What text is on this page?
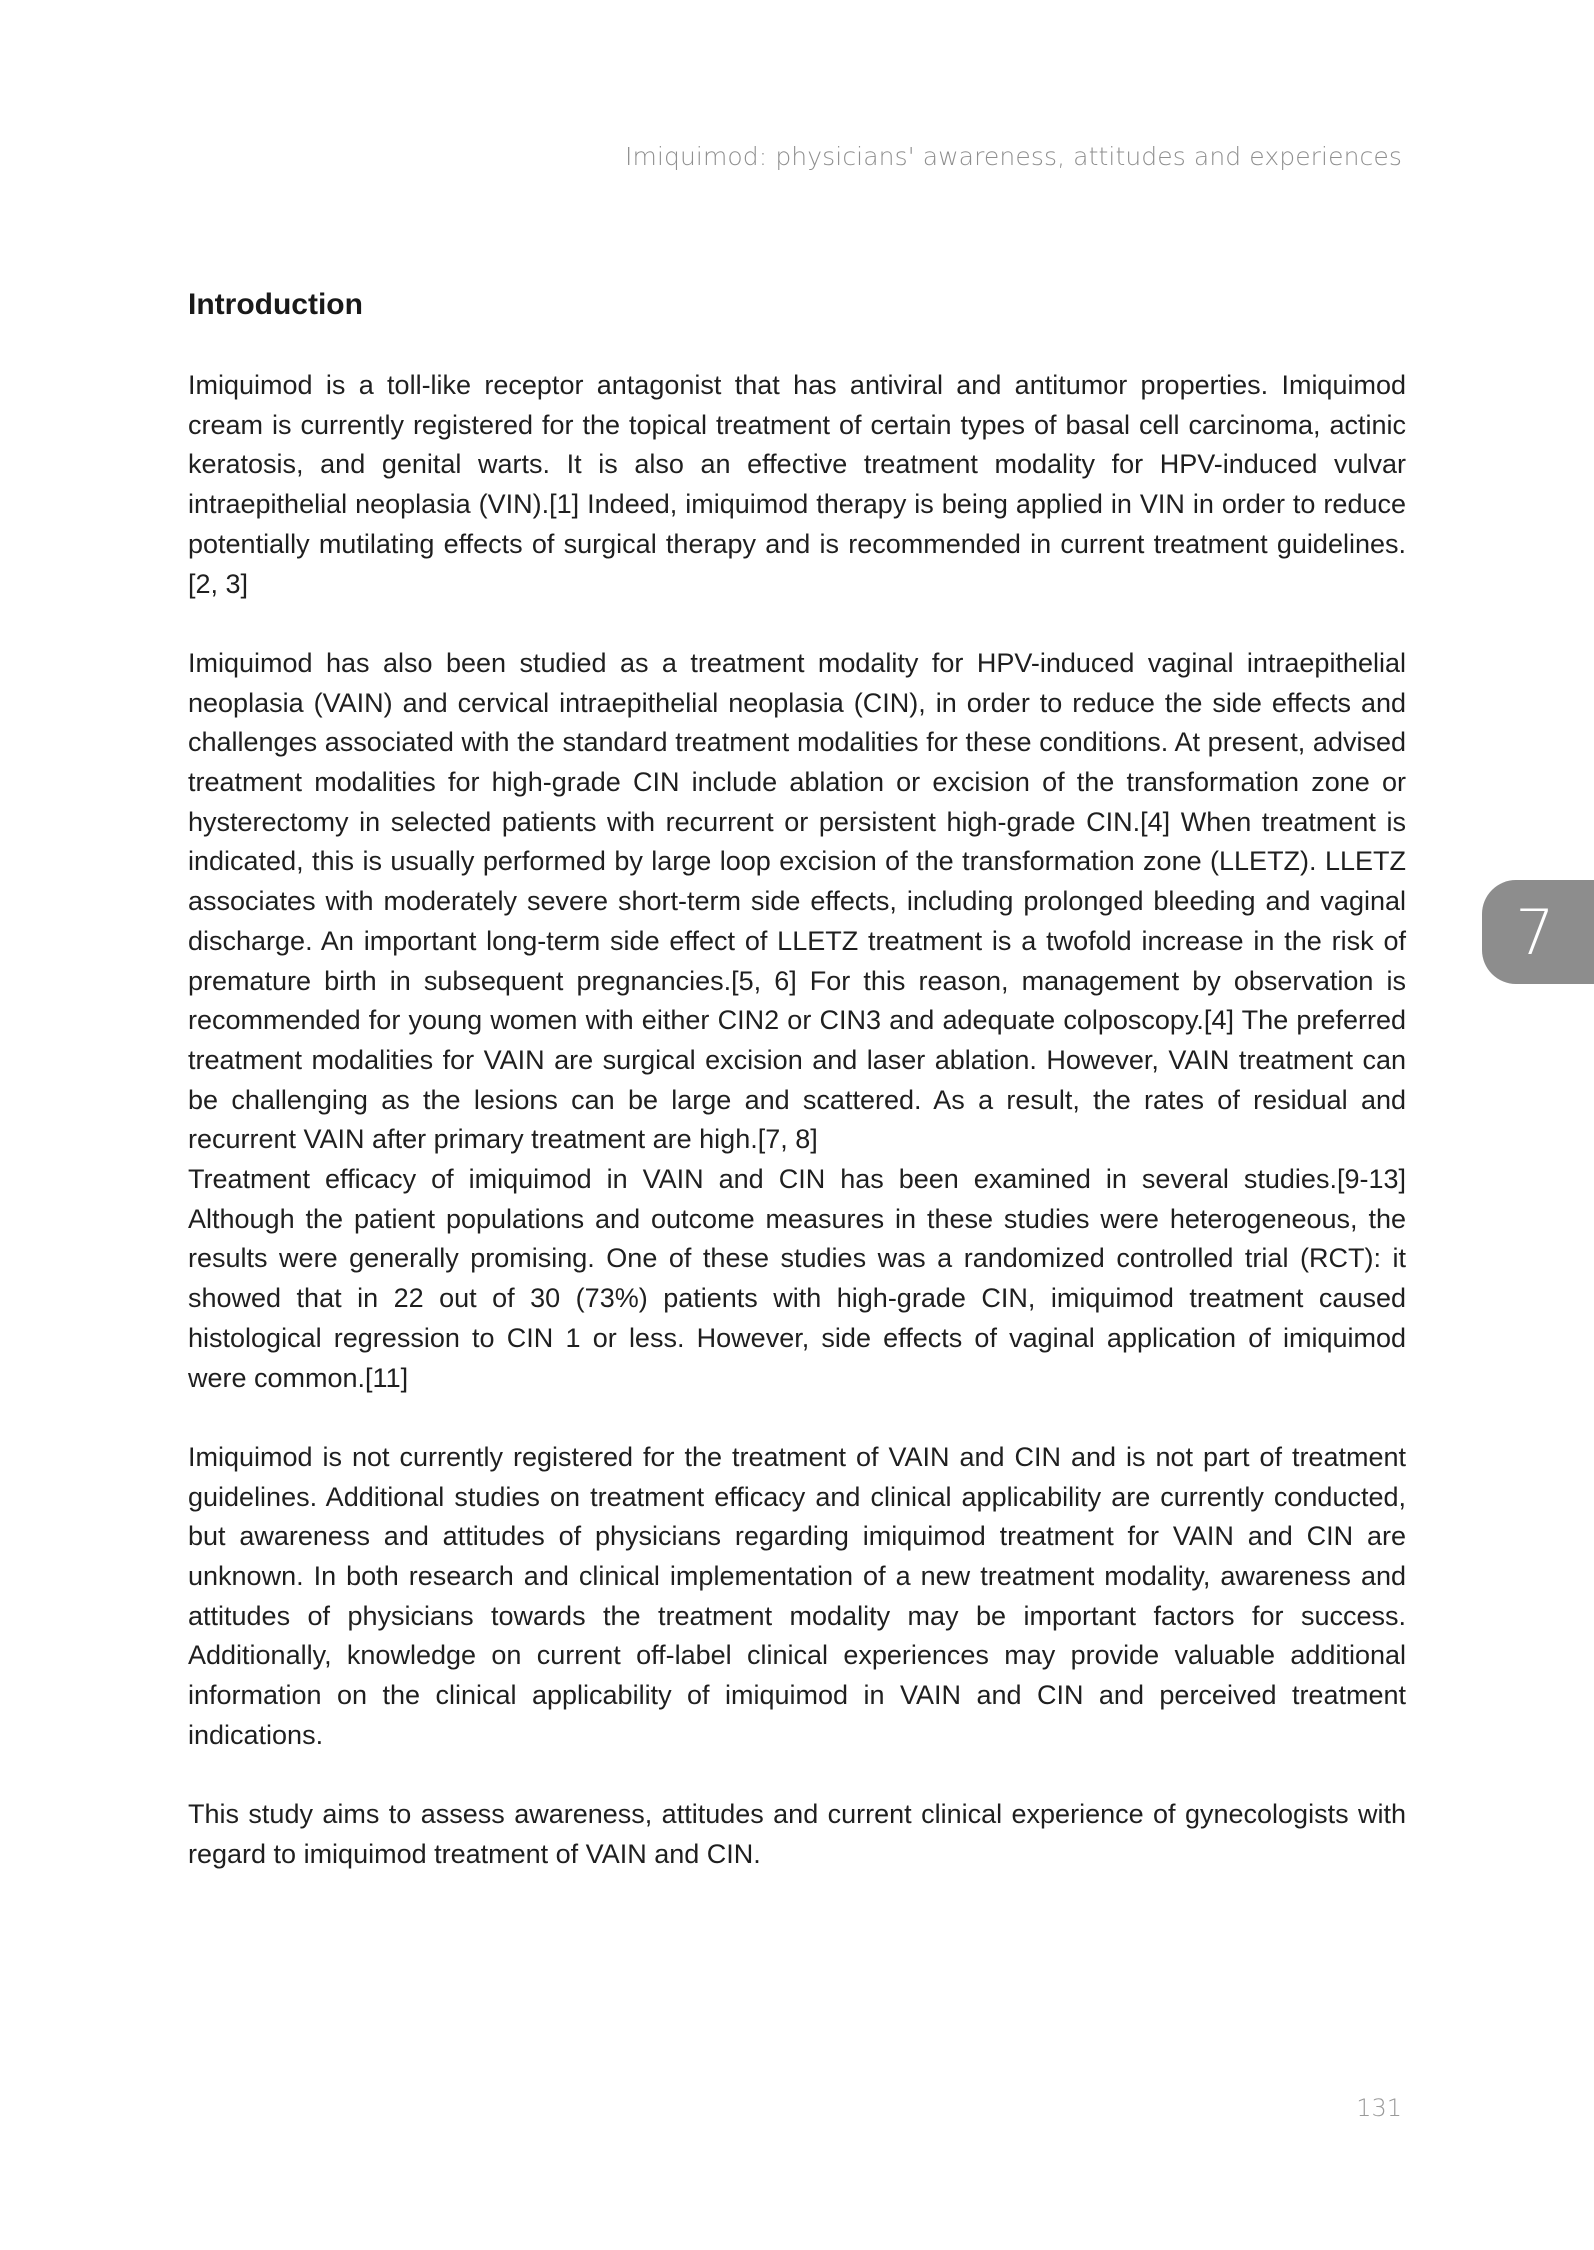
Imiquimod: physicians' awareness, attitudes and experiences
Introduction

Imiquimod is a toll-like receptor antagonist that has antiviral and antitumor properties. Imiquimod cream is currently registered for the topical treatment of certain types of basal cell carcinoma, actinic keratosis, and genital warts. It is also an effective treatment modality for HPV-induced vulvar intraepithelial neoplasia (VIN).[1] Indeed, imiquimod therapy is being applied in VIN in order to reduce potentially mutilating effects of surgical therapy and is recommended in current treatment guidelines.[2, 3]

Imiquimod has also been studied as a treatment modality for HPV-induced vaginal intraepithelial neoplasia (VAIN) and cervical intraepithelial neoplasia (CIN), in order to reduce the side effects and challenges associated with the standard treatment modalities for these conditions. At present, advised treatment modalities for high-grade CIN include ablation or excision of the transformation zone or hysterectomy in selected patients with recurrent or persistent high-grade CIN.[4] When treatment is indicated, this is usually performed by large loop excision of the transformation zone (LLETZ). LLETZ associates with moderately severe short-term side effects, including prolonged bleeding and vaginal discharge. An important long-term side effect of LLETZ treatment is a twofold increase in the risk of premature birth in subsequent pregnancies.[5, 6] For this reason, management by observation is recommended for young women with either CIN2 or CIN3 and adequate colposcopy.[4] The preferred treatment modalities for VAIN are surgical excision and laser ablation. However, VAIN treatment can be challenging as the lesions can be large and scattered. As a result, the rates of residual and recurrent VAIN after primary treatment are high.[7, 8]

Treatment efficacy of imiquimod in VAIN and CIN has been examined in several studies.[9-13] Although the patient populations and outcome measures in these studies were heterogeneous, the results were generally promising. One of these studies was a randomized controlled trial (RCT): it showed that in 22 out of 30 (73%) patients with high-grade CIN, imiquimod treatment caused histological regression to CIN 1 or less. However, side effects of vaginal application of imiquimod were common.[11]

Imiquimod is not currently registered for the treatment of VAIN and CIN and is not part of treatment guidelines. Additional studies on treatment efficacy and clinical applicability are currently conducted, but awareness and attitudes of physicians regarding imiquimod treatment for VAIN and CIN are unknown. In both research and clinical implementation of a new treatment modality, awareness and attitudes of physicians towards the treatment modality may be important factors for success. Additionally, knowledge on current off-label clinical experiences may provide valuable additional information on the clinical applicability of imiquimod in VAIN and CIN and perceived treatment indications.

This study aims to assess awareness, attitudes and current clinical experience of gynecologists with regard to imiquimod treatment of VAIN and CIN.

7
131
